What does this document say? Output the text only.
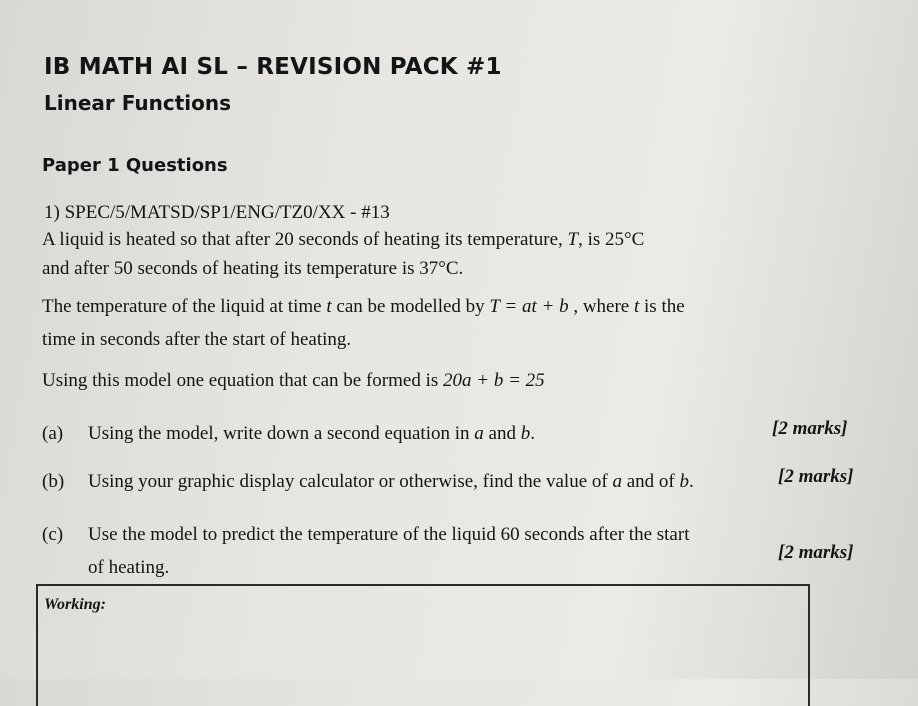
IB MATH AI SL – REVISION PACK #1
Linear Functions
Paper 1 Questions
1) SPEC/5/MATSD/SP1/ENG/TZ0/XX - #13
A liquid is heated so that after 20 seconds of heating its temperature, T, is 25°C
and after 50 seconds of heating its temperature is 37°C.
The temperature of the liquid at time t can be modelled by T = at + b , where t is the
time in seconds after the start of heating.
Using this model one equation that can be formed is 20a + b = 25
(a) Using the model, write down a second equation in a and b.	[2 marks]
(b) Using your graphic display calculator or otherwise, find the value of a and of b.	[2 marks]
(c) Use the model to predict the temperature of the liquid 60 seconds after the start
of heating.
[2 marks]
Working:
